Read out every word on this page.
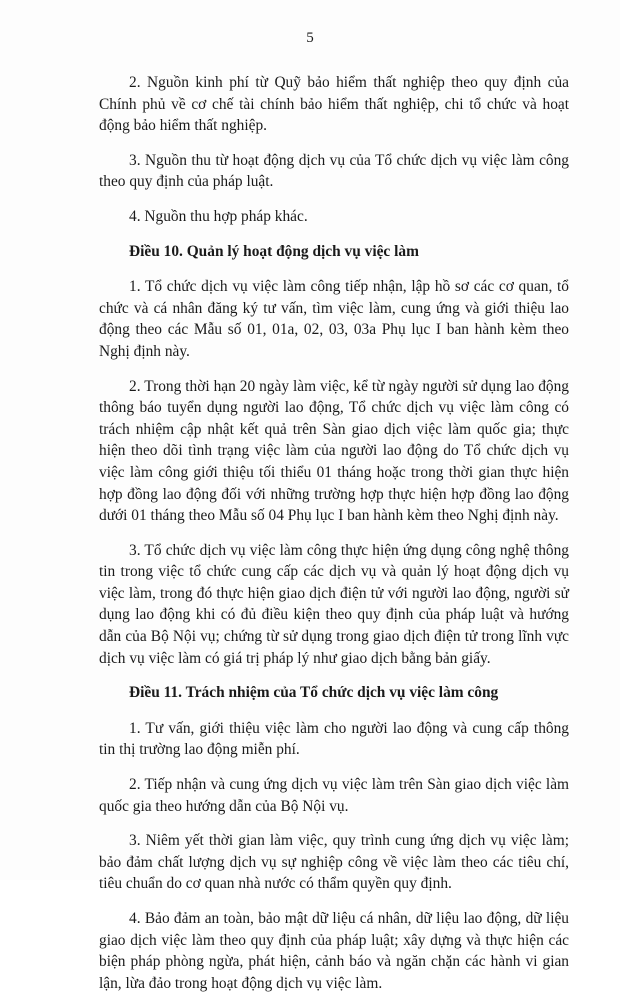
5

2. Nguồn kinh phí từ Quỹ bảo hiểm thất nghiệp theo quy định của Chính phủ về cơ chế tài chính bảo hiểm thất nghiệp, chi tổ chức và hoạt động bảo hiểm thất nghiệp.

3. Nguồn thu từ hoạt động dịch vụ của Tổ chức dịch vụ việc làm công theo quy định của pháp luật.

4. Nguồn thu hợp pháp khác.

Điều 10. Quản lý hoạt động dịch vụ việc làm

1. Tổ chức dịch vụ việc làm công tiếp nhận, lập hồ sơ các cơ quan, tổ chức và cá nhân đăng ký tư vấn, tìm việc làm, cung ứng và giới thiệu lao động theo các Mẫu số 01, 01a, 02, 03, 03a Phụ lục I ban hành kèm theo Nghị định này.

2. Trong thời hạn 20 ngày làm việc, kể từ ngày người sử dụng lao động thông báo tuyển dụng người lao động, Tổ chức dịch vụ việc làm công có trách nhiệm cập nhật kết quả trên Sàn giao dịch việc làm quốc gia; thực hiện theo dõi tình trạng việc làm của người lao động do Tổ chức dịch vụ việc làm công giới thiệu tối thiểu 01 tháng hoặc trong thời gian thực hiện hợp đồng lao động đối với những trường hợp thực hiện hợp đồng lao động dưới 01 tháng theo Mẫu số 04 Phụ lục I ban hành kèm theo Nghị định này.

3. Tổ chức dịch vụ việc làm công thực hiện ứng dụng công nghệ thông tin trong việc tổ chức cung cấp các dịch vụ và quản lý hoạt động dịch vụ việc làm, trong đó thực hiện giao dịch điện tử với người lao động, người sử dụng lao động khi có đủ điều kiện theo quy định của pháp luật và hướng dẫn của Bộ Nội vụ; chứng từ sử dụng trong giao dịch điện tử trong lĩnh vực dịch vụ việc làm có giá trị pháp lý như giao dịch bằng bản giấy.

Điều 11. Trách nhiệm của Tổ chức dịch vụ việc làm công

1. Tư vấn, giới thiệu việc làm cho người lao động và cung cấp thông tin thị trường lao động miễn phí.

2. Tiếp nhận và cung ứng dịch vụ việc làm trên Sàn giao dịch việc làm quốc gia theo hướng dẫn của Bộ Nội vụ.

3. Niêm yết thời gian làm việc, quy trình cung ứng dịch vụ việc làm; bảo đảm chất lượng dịch vụ sự nghiệp công về việc làm theo các tiêu chí, tiêu chuẩn do cơ quan nhà nước có thẩm quyền quy định.

4. Bảo đảm an toàn, bảo mật dữ liệu cá nhân, dữ liệu lao động, dữ liệu giao dịch việc làm theo quy định của pháp luật; xây dựng và thực hiện các biện pháp phòng ngừa, phát hiện, cảnh báo và ngăn chặn các hành vi gian lận, lừa đảo trong hoạt động dịch vụ việc làm.
